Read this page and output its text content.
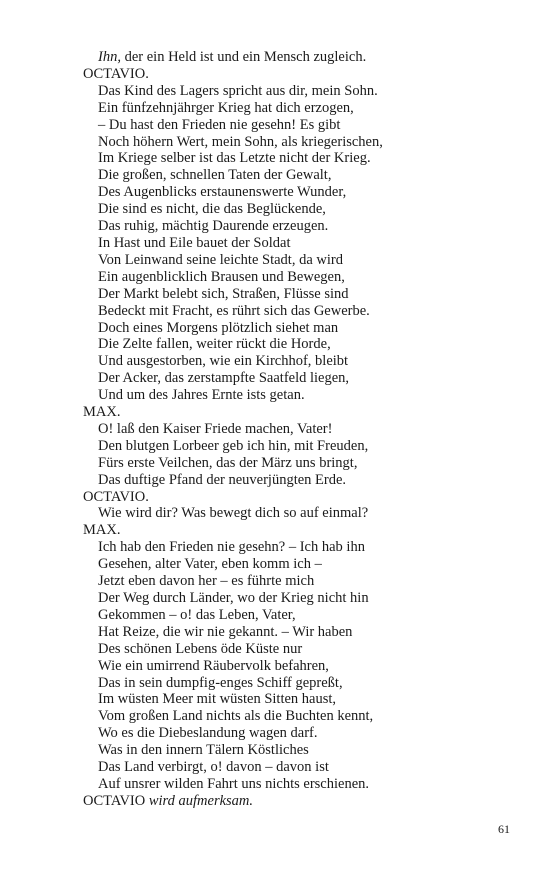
Ihn, der ein Held ist und ein Mensch zugleich.
OCTAVIO.
Das Kind des Lagers spricht aus dir, mein Sohn.
Ein fünfzehnjährger Krieg hat dich erzogen,
– Du hast den Frieden nie gesehn! Es gibt
Noch höhern Wert, mein Sohn, als kriegerischen,
Im Kriege selber ist das Letzte nicht der Krieg.
Die großen, schnellen Taten der Gewalt,
Des Augenblicks erstaunenswerte Wunder,
Die sind es nicht, die das Beglückende,
Das ruhig, mächtig Daurende erzeugen.
In Hast und Eile bauet der Soldat
Von Leinwand seine leichte Stadt, da wird
Ein augenblicklich Brausen und Bewegen,
Der Markt belebt sich, Straßen, Flüsse sind
Bedeckt mit Fracht, es rührt sich das Gewerbe.
Doch eines Morgens plötzlich siehet man
Die Zelte fallen, weiter rückt die Horde,
Und ausgestorben, wie ein Kirchhof, bleibt
Der Acker, das zerstampfte Saatfeld liegen,
Und um des Jahres Ernte ists getan.
MAX.
O! laß den Kaiser Friede machen, Vater!
Den blutgen Lorbeer geb ich hin, mit Freuden,
Fürs erste Veilchen, das der März uns bringt,
Das duftige Pfand der neuverjüngten Erde.
OCTAVIO.
Wie wird dir? Was bewegt dich so auf einmal?
MAX.
Ich hab den Frieden nie gesehn? – Ich hab ihn
Gesehen, alter Vater, eben komm ich –
Jetzt eben davon her – es führte mich
Der Weg durch Länder, wo der Krieg nicht hin
Gekommen – o! das Leben, Vater,
Hat Reize, die wir nie gekannt. – Wir haben
Des schönen Lebens öde Küste nur
Wie ein umirrend Räubervolk befahren,
Das in sein dumpfig-enges Schiff gepreßt,
Im wüsten Meer mit wüsten Sitten haust,
Vom großen Land nichts als die Buchten kennt,
Wo es die Diebeslandung wagen darf.
Was in den innern Tälern Köstliches
Das Land verbirgt, o! davon – davon ist
Auf unsrer wilden Fahrt uns nichts erschienen.
OCTAVIO wird aufmerksam.
61
